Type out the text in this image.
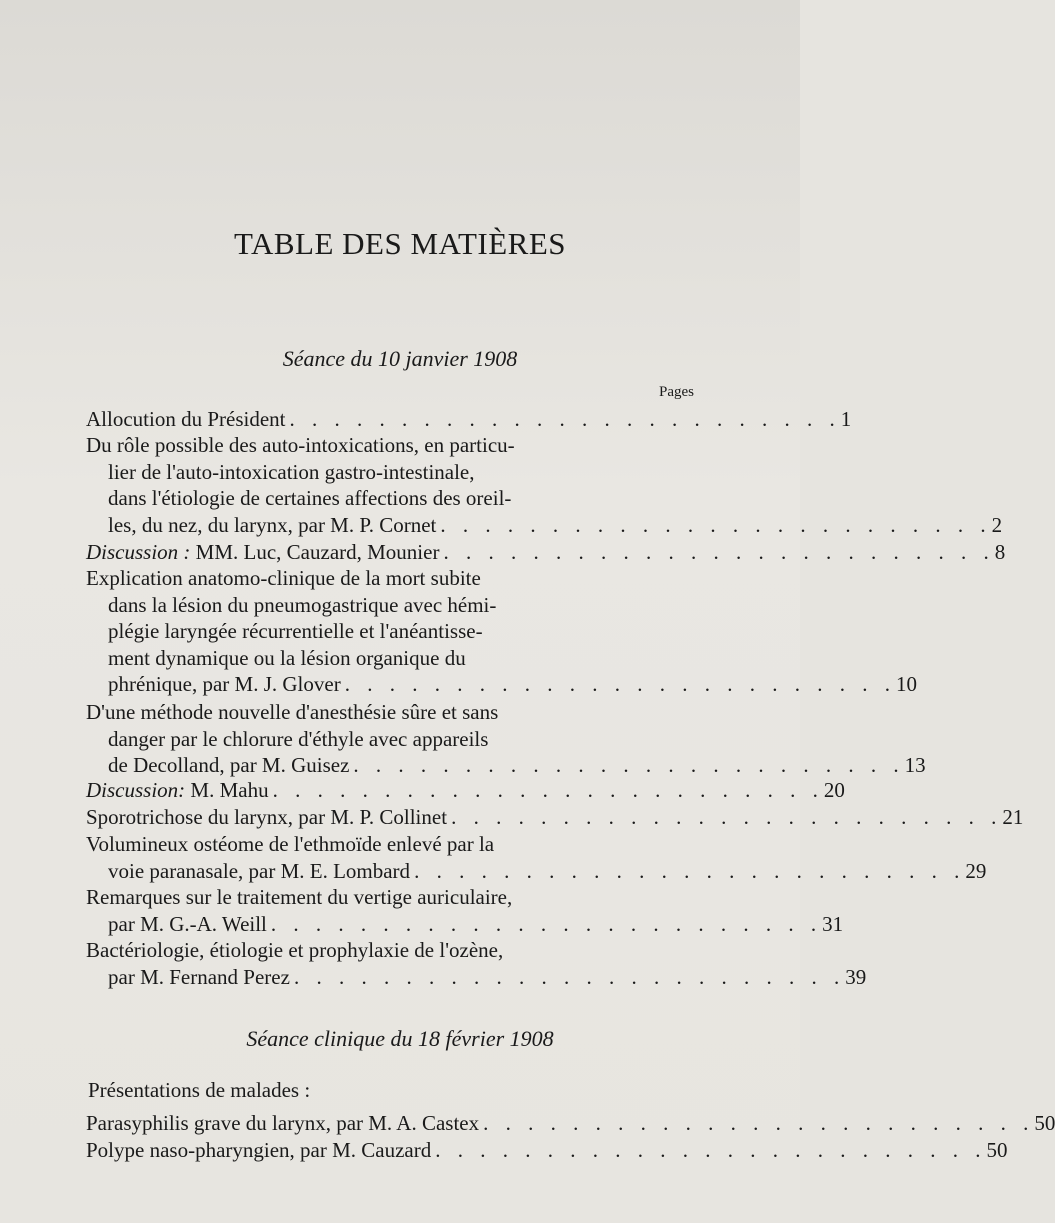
TABLE DES MATIÈRES
Séance du 10 janvier 1908
Pages
Allocution du Président . . . . . . . . . . . . . . . . . . . . . . . . . 1
Du rôle possible des auto-intoxications, en particu-
lier de l'auto-intoxication gastro-intestinale,
dans l'étiologie de certaines affections des oreil-
les, du nez, du larynx, par M. P. Cornet . . . . . . . . . . . . . . . . . . . . . . . . . 2
Discussion : MM. Luc, Cauzard, Mounier . . . . . . . . . . . . . . . . . . . . . . . . . 8
Explication anatomo-clinique de la mort subite
dans la lésion du pneumogastrique avec hémi-
plégie laryngée récurrentielle et l'anéantisse-
ment dynamique ou la lésion organique du
phrénique, par M. J. Glover . . . . . . . . . . . . . . . . . . . . . . . . . 10
D'une méthode nouvelle d'anesthésie sûre et sans
danger par le chlorure d'éthyle avec appareils
de Decolland, par M. Guisez . . . . . . . . . . . . . . . . . . . . . . . . . 13
Discussion: M. Mahu . . . . . . . . . . . . . . . . . . . . . . . . . 20
Sporotrichose du larynx, par M. P. Collinet . . . . . . . . . . . . . . . . . . . . . . . . . 21
Volumineux ostéome de l'ethmoïde enlevé par la
voie paranasale, par M. E. Lombard . . . . . . . . . . . . . . . . . . . . . . . . . 29
Remarques sur le traitement du vertige auriculaire,
par M. G.-A. Weill . . . . . . . . . . . . . . . . . . . . . . . . . 31
Bactériologie, étiologie et prophylaxie de l'ozène,
par M. Fernand Perez . . . . . . . . . . . . . . . . . . . . . . . . . 39
Séance clinique du 18 février 1908
Présentations de malades :
Parasyphilis grave du larynx, par M. A. Castex . . . . . . . . . . . . . . . . . . . . . . . . . 50
Polype naso-pharyngien, par M. Cauzard . . . . . . . . . . . . . . . . . . . . . . . . . 50
